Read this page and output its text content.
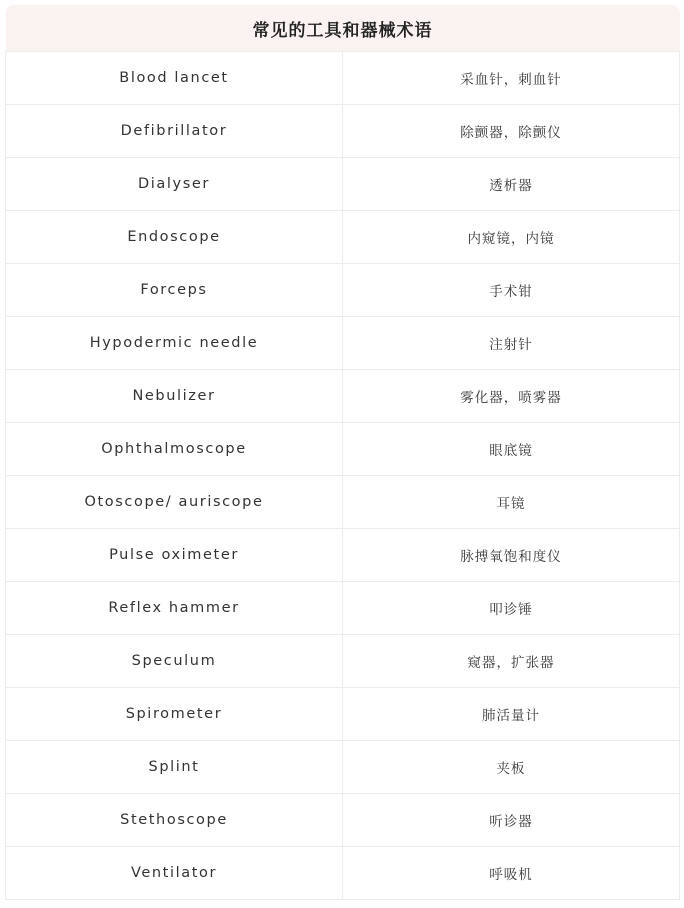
常见的工具和器械术语	
Blood lancet	采血针，刺血针
Defibrillator	除颤器，除颤仪
Dialyser	透析器
Endoscope	内窥镜，内镜
Forceps	手术钳
Hypodermic needle	注射针
Nebulizer	雾化器，喷雾器
Ophthalmoscope	眼底镜
Otoscope/ auriscope	耳镜
Pulse oximeter	脉搏氧饱和度仪
Reflex hammer	叩诊锤
Speculum	窥器，扩张器
Spirometer	肺活量计
Splint	夹板
Stethoscope	听诊器
Ventilator	呼吸机
